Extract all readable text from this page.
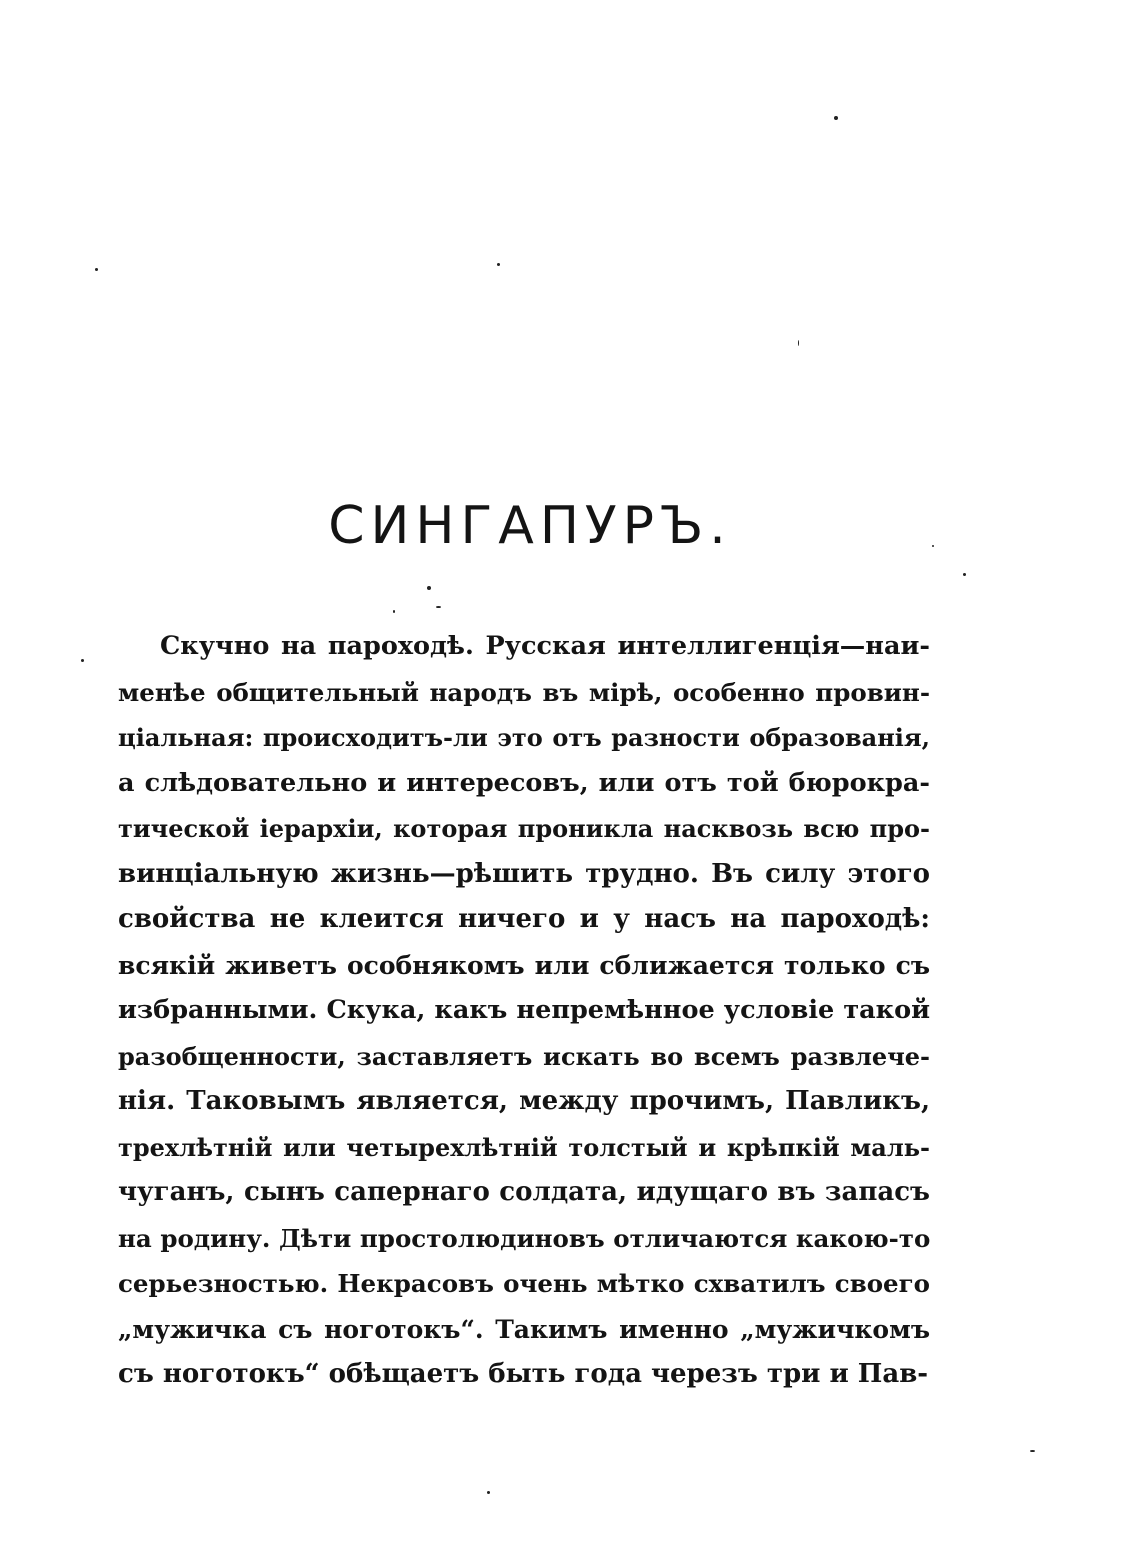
СИНГАПУРЪ.
Скучно на пароходѣ. Русская интеллигенція—наи-
менѣе общительный народъ въ мірѣ, особенно провин-
ціальная: происходитъ-ли это отъ разности образованія,
а слѣдовательно и интересовъ, или отъ той бюрокра-
тической іерархіи, которая проникла насквозь всю про-
винціальную жизнь—рѣшить трудно. Въ силу этого
свойства не клеится ничего и у насъ на пароходѣ:
всякій живетъ особнякомъ или сближается только съ
избранными. Скука, какъ непремѣнное условіе такой
разобщенности, заставляетъ искать во всемъ развлече-
нія. Таковымъ является, между прочимъ, Павликъ,
трехлѣтній или четырехлѣтній толстый и крѣпкій маль-
чуганъ, сынъ сапернаго солдата, идущаго въ запасъ
на родину. Дѣти простолюдиновъ отличаются какою-то
серьезностью. Некрасовъ очень мѣтко схватилъ своего
„мужичка съ ноготокъ“. Такимъ именно „мужичкомъ
съ ноготокъ“ обѣщаетъ быть года черезъ три и Пав-
